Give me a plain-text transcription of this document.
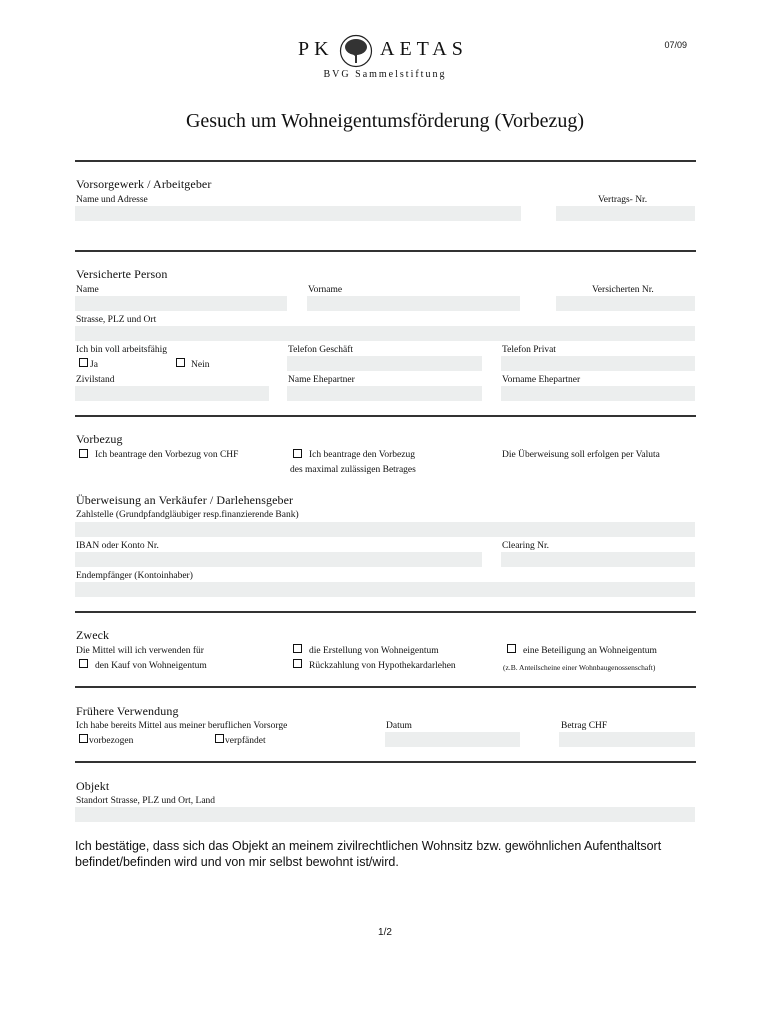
07/09
PK AETAS
BVG Sammelstiftung
Gesuch um Wohneigentumsförderung (Vorbezug)
Vorsorgewerk / Arbeitgeber
Name und Adresse	Vertrags- Nr.
Versicherte Person
Name	Vorname	Versicherten Nr.
Strasse, PLZ und Ort
Ich bin voll arbeitsfähig	Telefon Geschäft	Telefon Privat
Ja	Nein
Zivilstand	Name Ehepartner	Vorname Ehepartner
Vorbezug
Ich beantrage den Vorbezug von CHF	Ich beantrage den Vorbezug
des maximal zulässigen Betrages
Die Überweisung soll erfolgen per Valuta
Überweisung an Verkäufer / Darlehensgeber
Zahlstelle (Grundpfandgläubiger resp.finanzierende Bank)
IBAN oder Konto Nr.	Clearing Nr.
Endempfänger (Kontoinhaber)
Zweck
Die Mittel will ich verwenden für	die Erstellung von Wohneigentum	eine Beteiligung an Wohneigentum
den Kauf von Wohneigentum	Rückzahlung von Hypothekardarlehen	(z.B. Anteilscheine einer Wohnbaugenossenschaft)
Frühere Verwendung
Ich habe bereits Mittel aus meiner beruflichen Vorsorge	Datum	Betrag CHF
vorbezogen	verpfändet
Objekt
Standort Strasse, PLZ und Ort, Land
Ich bestätige, dass sich das Objekt an meinem zivilrechtlichen Wohnsitz bzw. gewöhnlichen Aufenthaltsort befindet/befinden wird und von mir selbst bewohnt ist/wird.
1/2
